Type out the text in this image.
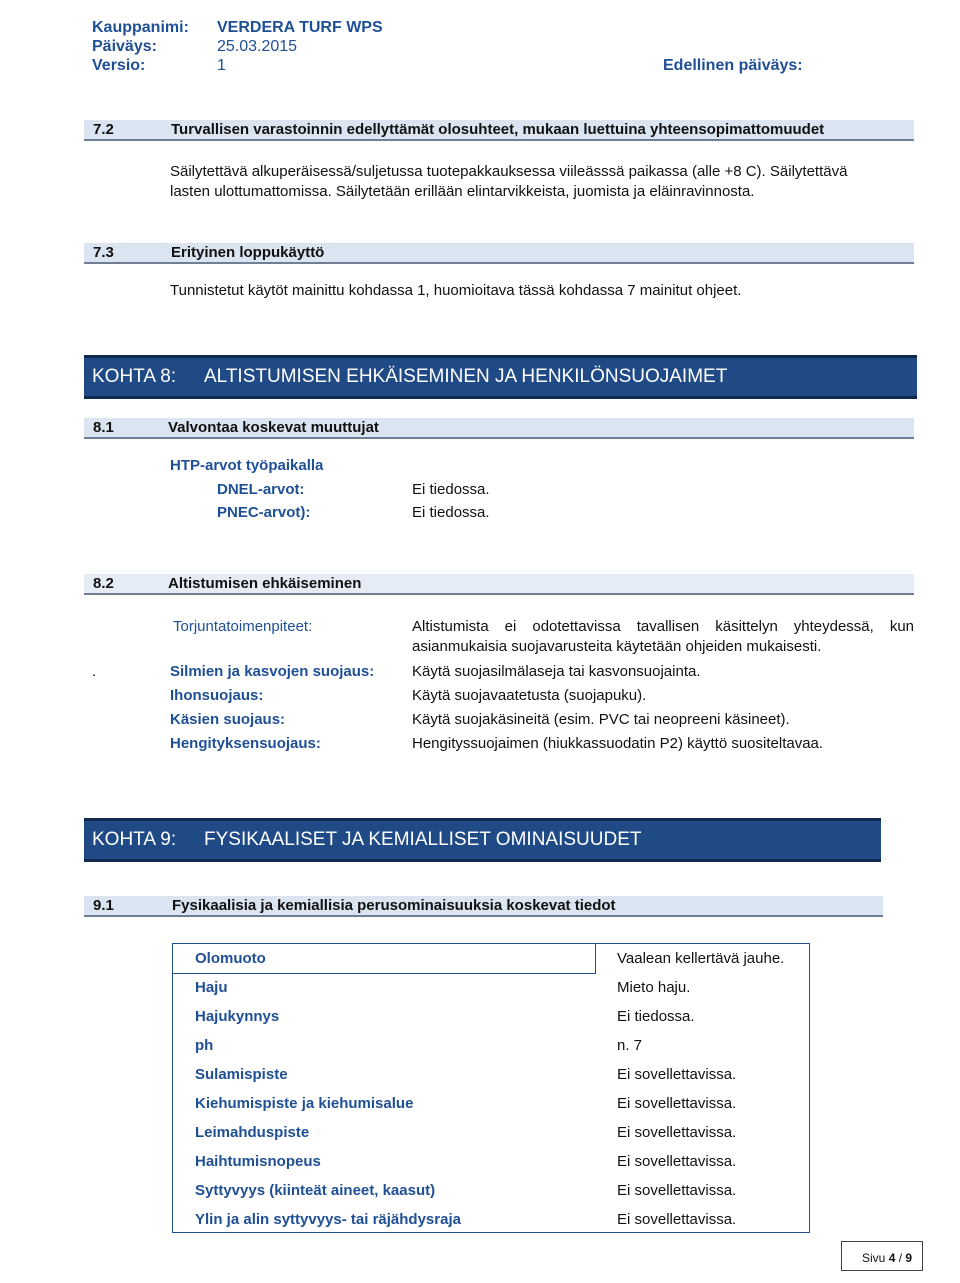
Kauppanimi: VERDERA TURF WPS
Päiväys:	25.03.2015
Versio:	1	Edellinen päiväys:
7.2	Turvallisen varastoinnin edellyttämät olosuhteet, mukaan luettuina yhteensopimattomuudet
Säilytettävä alkuperäisessä/suljetussa tuotepakkauksessa viileässsä paikassa (alle +8 C). Säilytettävä
lasten ulottumattomissa. Säilytetään erillään elintarvikkeista, juomista ja eläinravinnosta.
7.3	Erityinen loppukäyttö
Tunnistetut käytöt mainittu kohdassa 1, huomioitava tässä kohdassa 7 mainitut ohjeet.
KOHTA 8: ALTISTUMISEN EHKÄISEMINEN JA HENKILÖNSUOJAIMET
8.1	Valvontaa koskevat muuttujat
HTP-arvot työpaikalla
DNEL-arvot:	Ei tiedossa.
PNEC-arvot):	Ei tiedossa.
8.2	Altistumisen ehkäiseminen
Torjuntatoimenpiteet:	Altistumista ei odotettavissa tavallisen käsittelyn yhteydessä, kun
asianmukaisia suojavarusteita käytetään ohjeiden mukaisesti.
.	Silmien ja kasvojen suojaus:	Käytä suojasilmälaseja tai kasvonsuojainta.
Ihonsuojaus:	Käytä suojavaatetusta (suojapuku).
Käsien suojaus:	Käytä suojakäsineitä (esim. PVC tai neopreeni käsineet).
Hengityksensuojaus:	Hengityssuojaimen (hiukkassuodatin P2) käyttö suositeltavaa.
KOHTA 9: FYSIKAALISET JA KEMIALLISET OMINAISUUDET
9.1	Fysikaalisia ja kemiallisia perusominaisuuksia koskevat tiedot
Olomuoto	Vaalean kellertävä jauhe.
Haju	Mieto haju.
Hajukynnys	Ei tiedossa.
ph	n. 7
Sulamispiste	Ei sovellettavissa.
Kiehumispiste ja kiehumisalue	Ei sovellettavissa.
Leimahduspiste	Ei sovellettavissa.
Haihtumisnopeus	Ei sovellettavissa.
Syttyvyys (kiinteät aineet, kaasut)	Ei sovellettavissa.
Ylin ja alin syttyvyys- tai räjähdysraja	Ei sovellettavissa.
Sivu 4 / 9
